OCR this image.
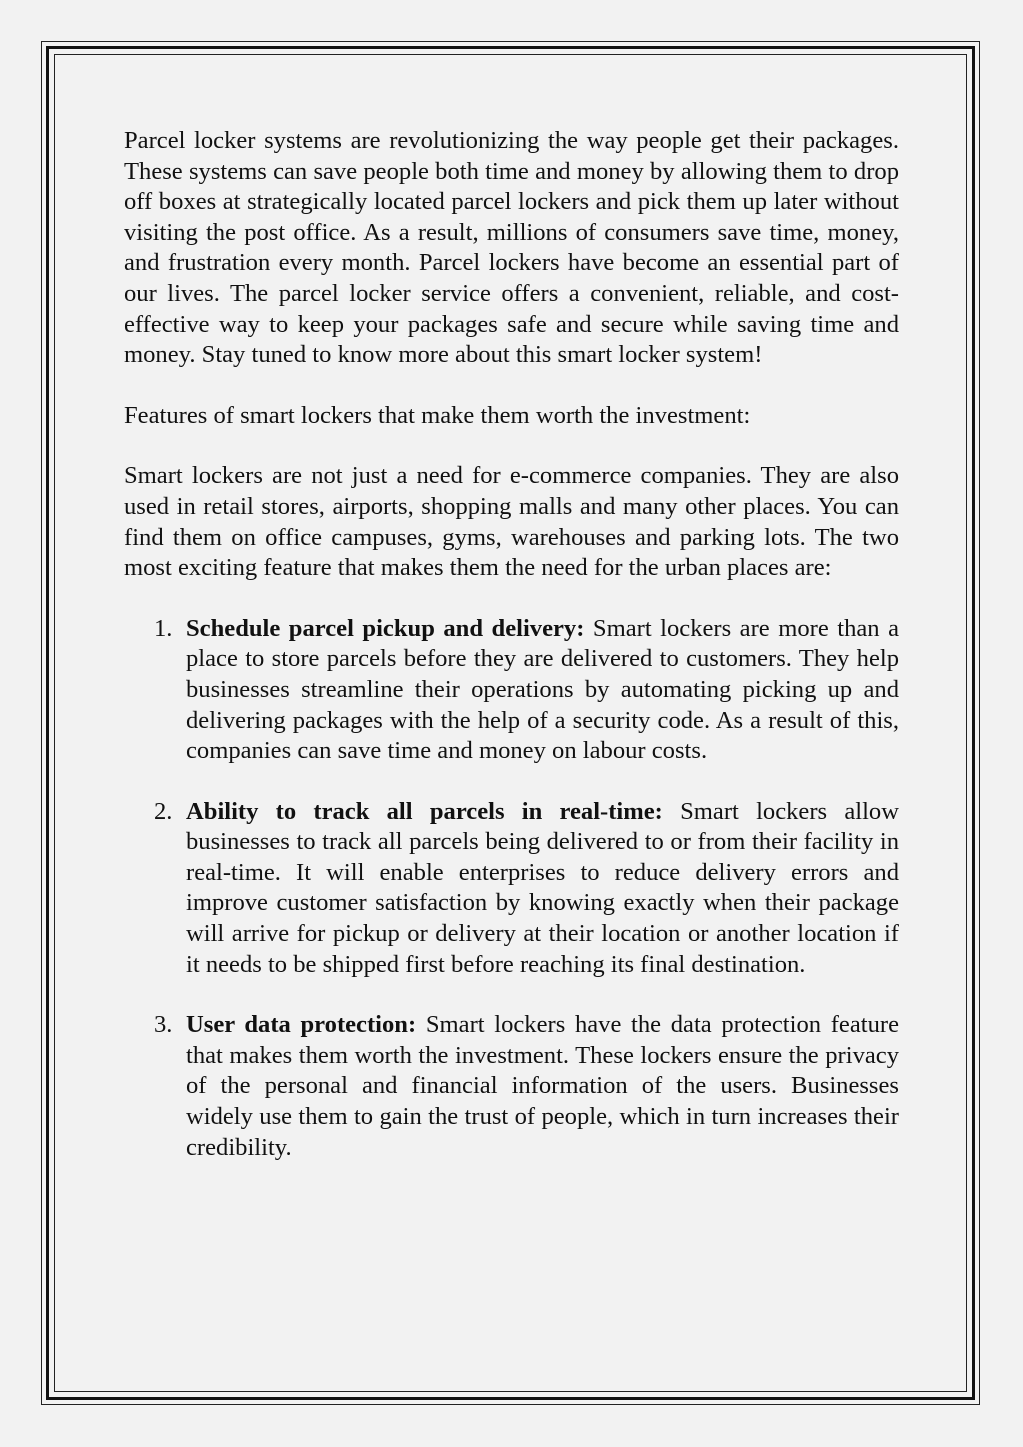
Parcel locker systems are revolutionizing the way people get their packages. These systems can save people both time and money by allowing them to drop off boxes at strategically located parcel lockers and pick them up later without visiting the post office. As a result, millions of consumers save time, money, and frustration every month. Parcel lockers have become an essential part of our lives. The parcel locker service offers a convenient, reliable, and cost-effective way to keep your packages safe and secure while saving time and money. Stay tuned to know more about this smart locker system!

Features of smart lockers that make them worth the investment:

Smart lockers are not just a need for e-commerce companies. They are also used in retail stores, airports, shopping malls and many other places. You can find them on office campuses, gyms, warehouses and parking lots. The two most exciting feature that makes them the need for the urban places are:

1. Schedule parcel pickup and delivery: Smart lockers are more than a place to store parcels before they are delivered to customers. They help businesses streamline their operations by automating picking up and delivering packages with the help of a security code. As a result of this, companies can save time and money on labour costs.
2. Ability to track all parcels in real-time: Smart lockers allow businesses to track all parcels being delivered to or from their facility in real-time. It will enable enterprises to reduce delivery errors and improve customer satisfaction by knowing exactly when their package will arrive for pickup or delivery at their location or another location if it needs to be shipped first before reaching its final destination.
3. User data protection: Smart lockers have the data protection feature that makes them worth the investment. These lockers ensure the privacy of the personal and financial information of the users. Businesses widely use them to gain the trust of people, which in turn increases their credibility.
